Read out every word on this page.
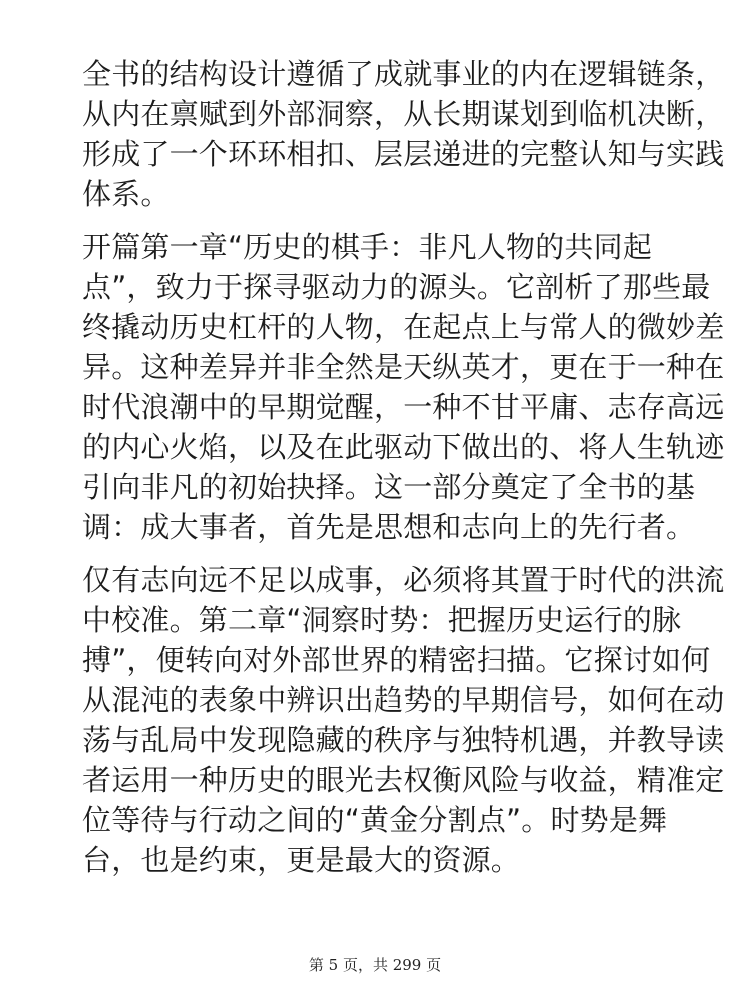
全书的结构设计遵循了成就事业的内在逻辑链条，
从内在禀赋到外部洞察，从长期谋划到临机决断，
形成了一个环环相扣、层层递进的完整认知与实践
体系。

开篇第一章“历史的棋手：非凡人物的共同起
点”，致力于探寻驱动力的源头。它剖析了那些最
终撬动历史杠杆的人物，在起点上与常人的微妙差
异。这种差异并非全然是天纵英才，更在于一种在
时代浪潮中的早期觉醒，一种不甘平庸、志存高远
的内心火焰，以及在此驱动下做出的、将人生轨迹
引向非凡的初始抉择。这一部分奠定了全书的基
调：成大事者，首先是思想和志向上的先行者。

仅有志向远不足以成事，必须将其置于时代的洪流
中校准。第二章“洞察时势：把握历史运行的脉
搏”，便转向对外部世界的精密扫描。它探讨如何
从混沌的表象中辨识出趋势的早期信号，如何在动
荡与乱局中发现隐藏的秩序与独特机遇，并教导读
者运用一种历史的眼光去权衡风险与收益，精准定
位等待与行动之间的“黄金分割点”。时势是舞
台，也是约束，更是最大的资源。

第 5 页，共 299 页
